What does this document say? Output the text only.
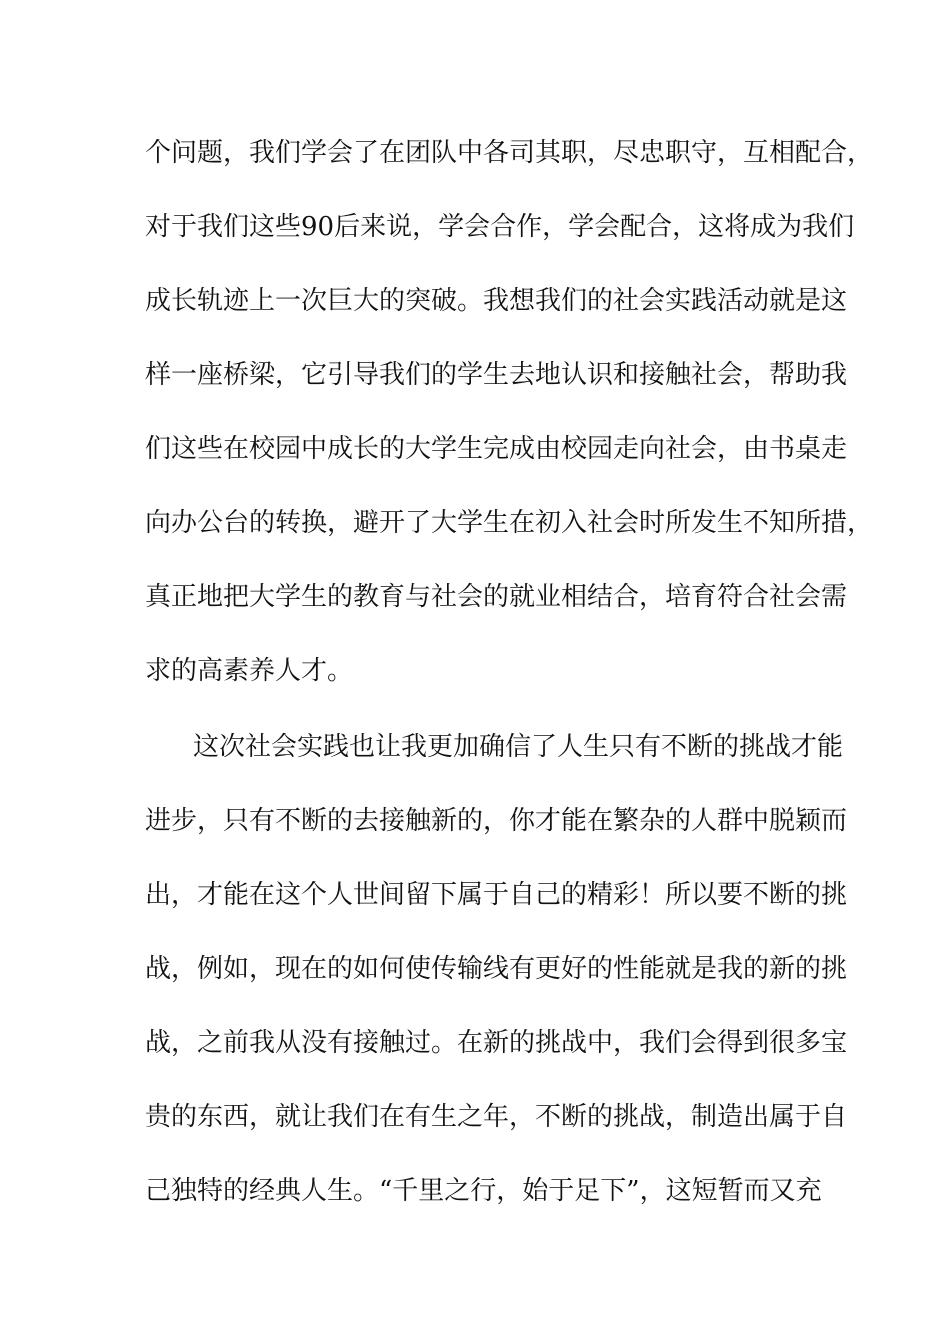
个问题，我们学会了在团队中各司其职，尽忠职守，互相配合，
对于我们这些90后来说，学会合作，学会配合，这将成为我们
成长轨迹上一次巨大的突破。我想我们的社会实践活动就是这
样一座桥梁，它引导我们的学生去地认识和接触社会，帮助我
们这些在校园中成长的大学生完成由校园走向社会，由书桌走
向办公台的转换，避开了大学生在初入社会时所发生不知所措，
真正地把大学生的教育与社会的就业相结合，培育符合社会需
求的高素养人才。
这次社会实践也让我更加确信了人生只有不断的挑战才能
进步，只有不断的去接触新的，你才能在繁杂的人群中脱颖而
出，才能在这个人世间留下属于自己的精彩！所以要不断的挑
战，例如，现在的如何使传输线有更好的性能就是我的新的挑
战，之前我从没有接触过。在新的挑战中，我们会得到很多宝
贵的东西，就让我们在有生之年，不断的挑战，制造出属于自
己独特的经典人生。“千里之行，始于足下”，这短暂而又充
